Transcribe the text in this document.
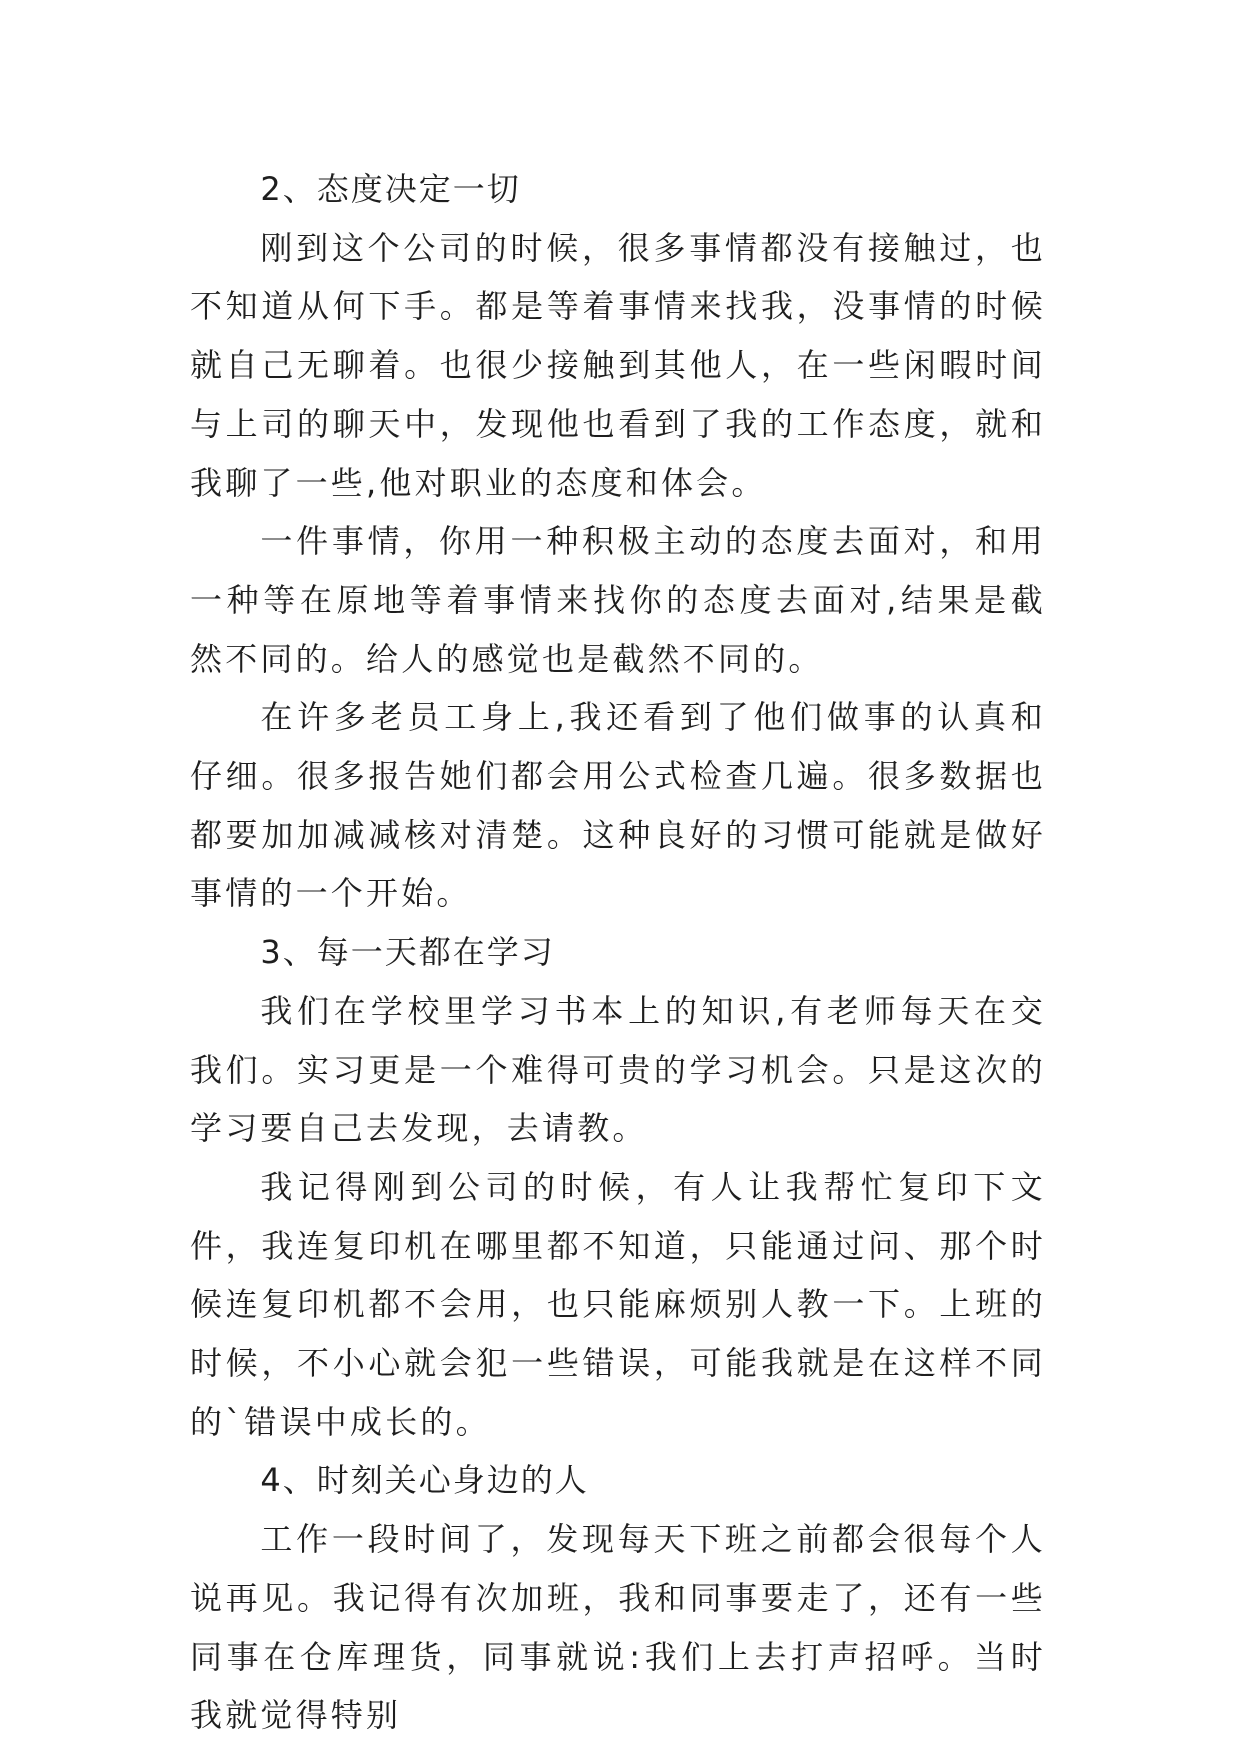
2、态度决定一切

刚到这个公司的时候，很多事情都没有接触过，也不知道从何下手。都是等着事情来找我，没事情的时候就自己无聊着。也很少接触到其他人，在一些闲暇时间与上司的聊天中，发现他也看到了我的工作态度，就和我聊了一些,他对职业的态度和体会。

一件事情，你用一种积极主动的态度去面对，和用一种等在原地等着事情来找你的态度去面对,结果是截然不同的。给人的感觉也是截然不同的。

在许多老员工身上,我还看到了他们做事的认真和仔细。很多报告她们都会用公式检查几遍。很多数据也都要加加减减核对清楚。这种良好的习惯可能就是做好事情的一个开始。

3、每一天都在学习

我们在学校里学习书本上的知识,有老师每天在交我们。实习更是一个难得可贵的学习机会。只是这次的学习要自己去发现，去请教。

我记得刚到公司的时候，有人让我帮忙复印下文件，我连复印机在哪里都不知道，只能通过问、那个时候连复印机都不会用，也只能麻烦别人教一下。上班的时候，不小心就会犯一些错误，可能我就是在这样不同的`错误中成长的。

4、时刻关心身边的人

工作一段时间了，发现每天下班之前都会很每个人说再见。我记得有次加班，我和同事要走了，还有一些同事在仓库理货，同事就说:我们上去打声招呼。当时我就觉得特别
